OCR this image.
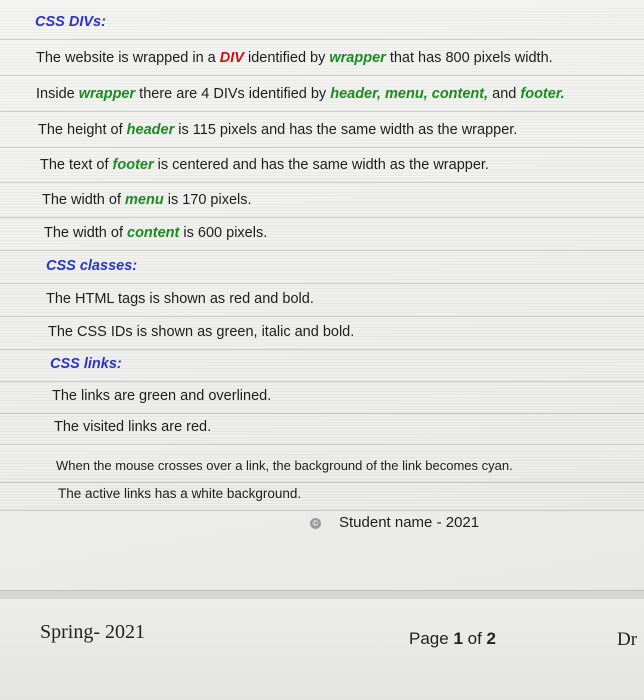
CSS DIVs:
The website is wrapped in a DIV identified by wrapper that has 800 pixels width.
Inside wrapper there are 4 DIVs identified by header, menu, content, and footer.
The height of header is 115 pixels and has the same width as the wrapper.
The text of footer is centered and has the same width as the wrapper.
The width of menu is 170 pixels.
The width of content is 600 pixels.
CSS classes:
The HTML tags is shown as red and bold.
The CSS IDs is shown as green, italic and bold.
CSS links:
The links are green and overlined.
The visited links are red.
When the mouse crosses over a link, the background of the link becomes cyan.
The active links has a white background.
© Student name - 2021
Spring- 2021	Page 1 of 2	Dr
